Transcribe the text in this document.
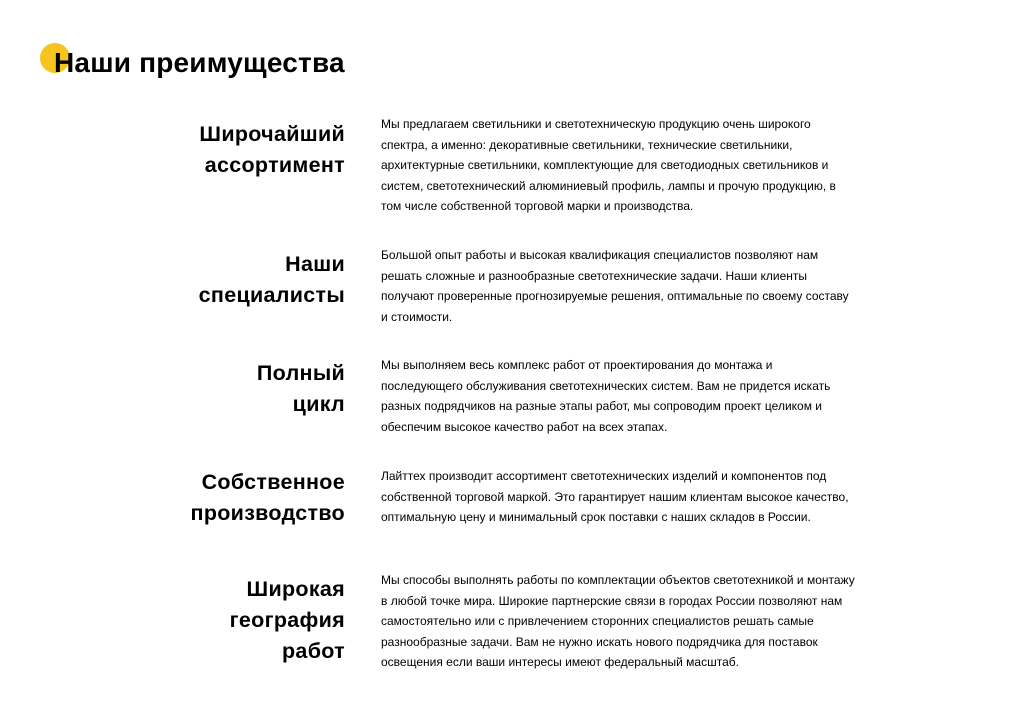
Наши преимущества
Широчайший
ассортимент

Мы предлагаем светильники и светотехническую продукцию очень широкого спектра, а именно: декоративные светильники, технические светильники, архитектурные светильники, комплектующие для светодиодных светильников и систем, светотехнический алюминиевый профиль, лампы и прочую продукцию, в том числе собственной торговой марки и производства.

Наши
специалисты

Большой опыт работы и высокая квалификация специалистов позволяют нам решать сложные и разнообразные светотехнические задачи. Наши клиенты получают проверенные прогнозируемые решения, оптимальные по своему составу и стоимости.

Полный
цикл

Мы выполняем весь комплекс работ от проектирования до монтажа и последующего обслуживания светотехнических систем. Вам не придется искать разных подрядчиков на разные этапы работ, мы сопроводим проект целиком и обеспечим высокое качество работ на всех этапах.

Собственное
производство

Лайттех производит ассортимент светотехнических изделий и компонентов под собственной торговой маркой. Это гарантирует нашим клиентам высокое качество, оптимальную цену и минимальный срок поставки с наших складов в России.

Широкая
география
работ

Мы способы выполнять работы по комплектации объектов светотехникой и монтажу в любой точке мира. Широкие партнерские связи в городах России позволяют нам самостоятельно или с привлечением сторонних специалистов решать самые разнообразные задачи. Вам не нужно искать нового подрядчика для поставок освещения если ваши интересы имеют федеральный масштаб.
